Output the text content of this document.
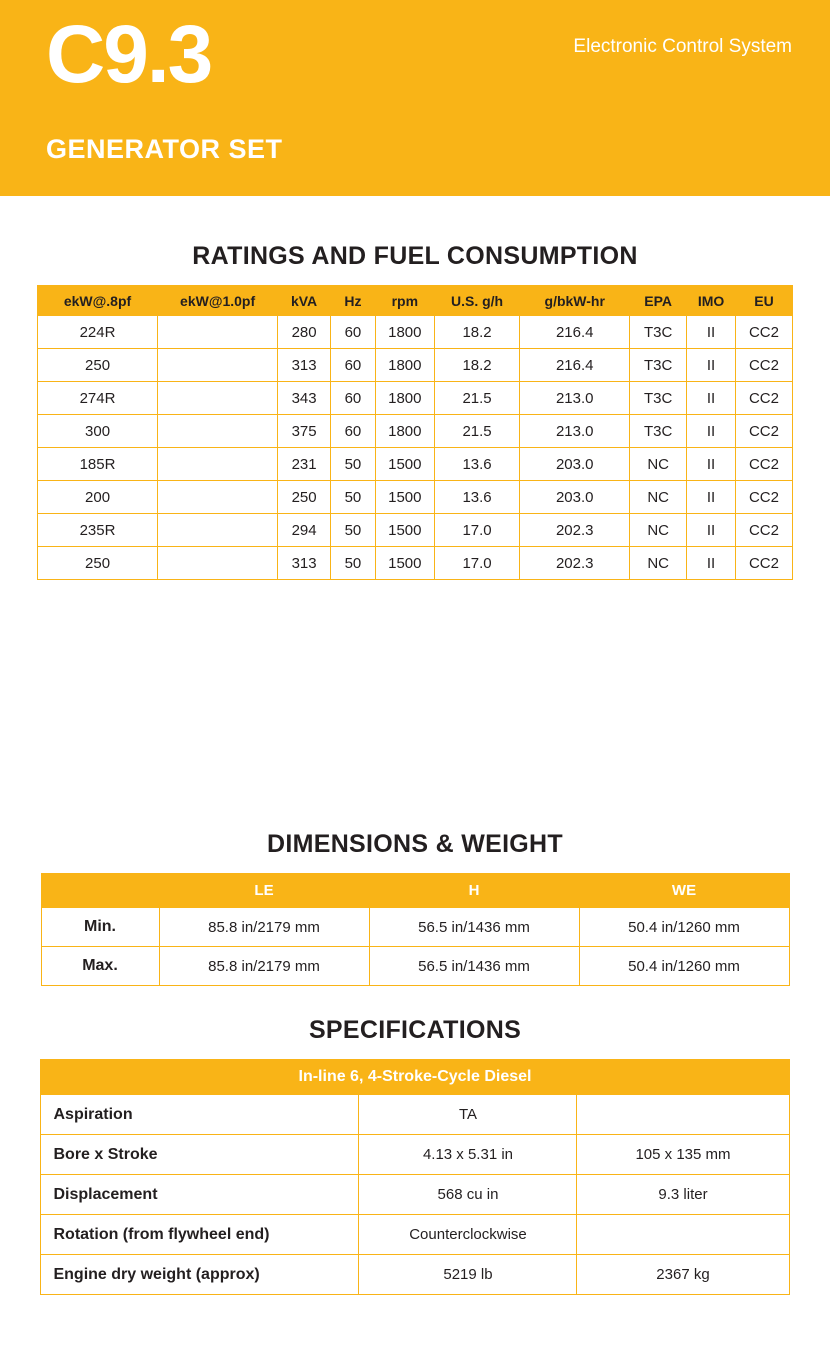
C9.3
GENERATOR SET
Electronic Control System
RATINGS AND FUEL CONSUMPTION
ekW@.8pf	ekW@1.0pf	kVA	Hz	rpm	U.S. g/h	g/bkW-hr	EPA	IMO	EU
224R		280	60	1800	18.2	216.4	T3C	II	CC2
250		313	60	1800	18.2	216.4	T3C	II	CC2
274R		343	60	1800	21.5	213.0	T3C	II	CC2
300		375	60	1800	21.5	213.0	T3C	II	CC2
185R		231	50	1500	13.6	203.0	NC	II	CC2
200		250	50	1500	13.6	203.0	NC	II	CC2
235R		294	50	1500	17.0	202.3	NC	II	CC2
250		313	50	1500	17.0	202.3	NC	II	CC2
DIMENSIONS & WEIGHT
	LE	H	WE
Min.	85.8 in/2179 mm	56.5 in/1436 mm	50.4 in/1260 mm
Max.	85.8 in/2179 mm	56.5 in/1436 mm	50.4 in/1260 mm
SPECIFICATIONS
In-line 6, 4-Stroke-Cycle Diesel		
Aspiration	TA	
Bore x Stroke	4.13 x 5.31 in	105 x 135 mm
Displacement	568 cu in	9.3 liter
Rotation (from flywheel end)	Counterclockwise	
Engine dry weight (approx)	5219 lb	2367 kg
